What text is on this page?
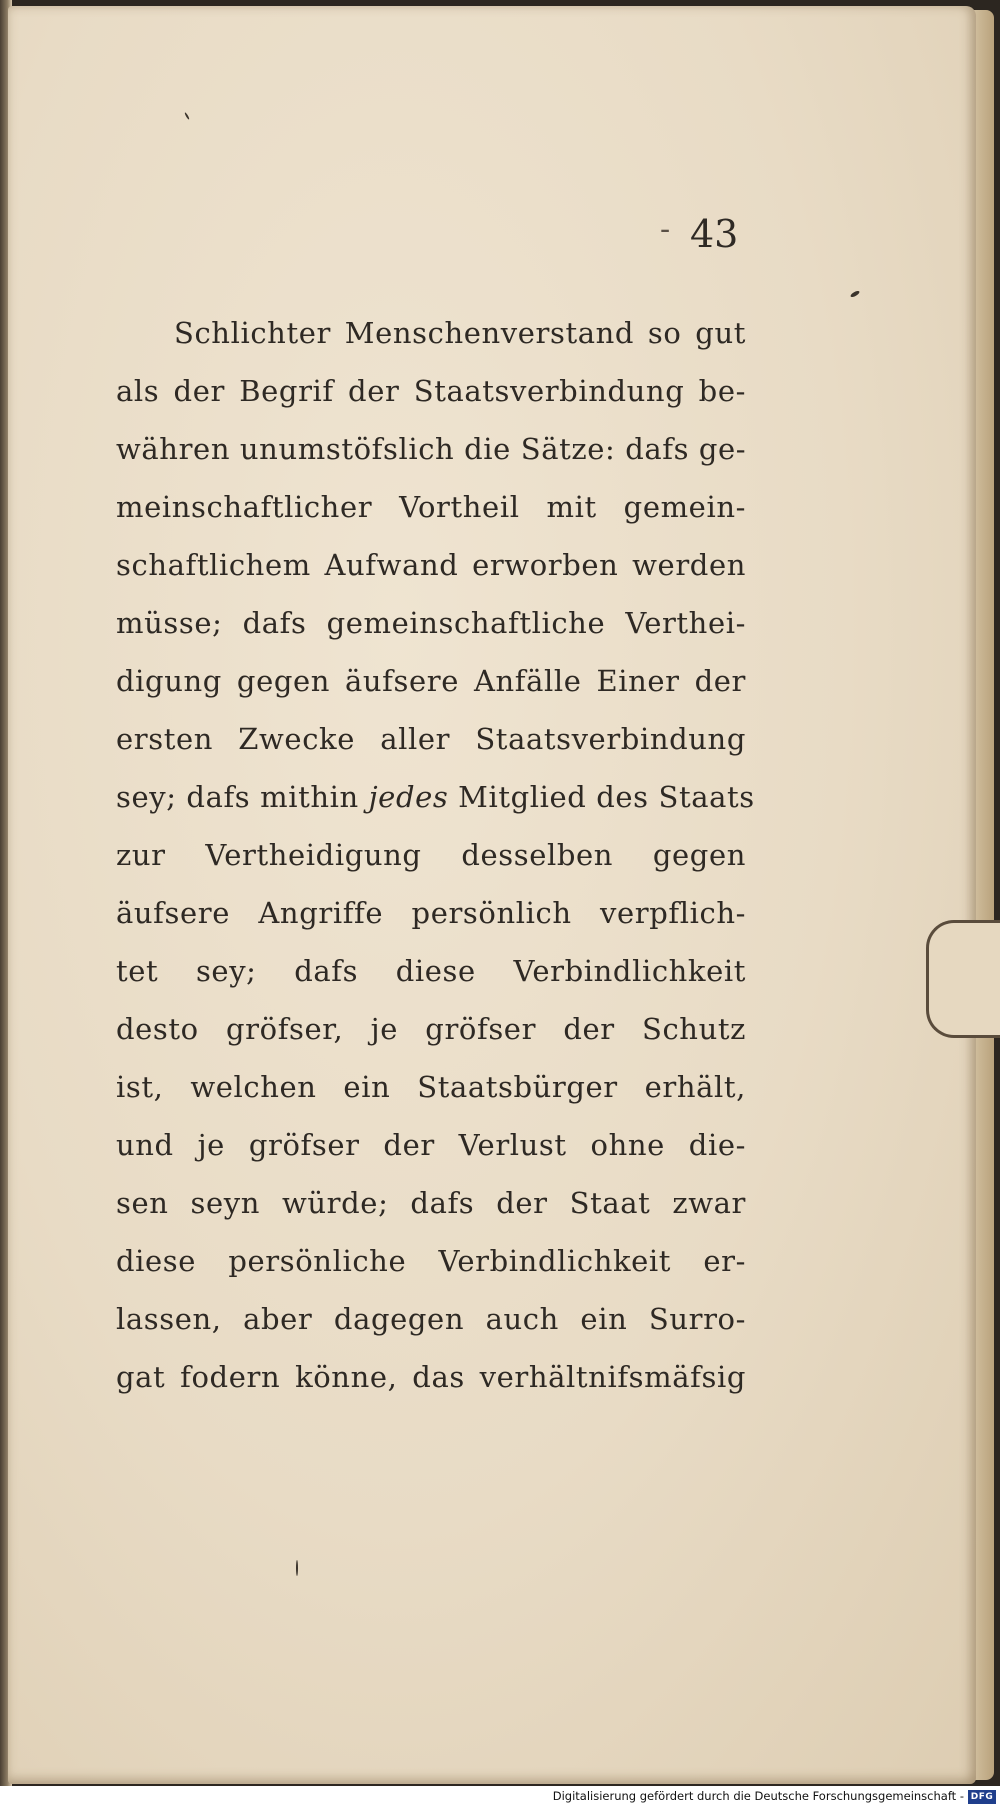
- 43
Schlichter Menschenverstand so gut
als der Begrif der Staatsverbindung be-
währen unumstöfslich die Sätze: dafs ge-
meinschaftlicher Vortheil mit gemein-
schaftlichem Aufwand erworben werden
müsse; dafs gemeinschaftliche Verthei-
digung gegen äufsere Anfälle Einer der
ersten Zwecke aller Staatsverbindung
sey; dafs mithin jedes Mitglied des Staats
zur Vertheidigung desselben gegen
äufsere Angriffe persönlich verpflich-
tet sey; dafs diese Verbindlichkeit
desto gröfser, je gröfser der Schutz
ist, welchen ein Staatsbürger erhält,
und je gröfser der Verlust ohne die-
sen seyn würde; dafs der Staat zwar
diese persönliche Verbindlichkeit er-
lassen, aber dagegen auch ein Surro-
gat fodern könne, das verhältnifsmäfsig
Digitalisierung gefördert durch die Deutsche Forschungsgemeinschaft - DFG
